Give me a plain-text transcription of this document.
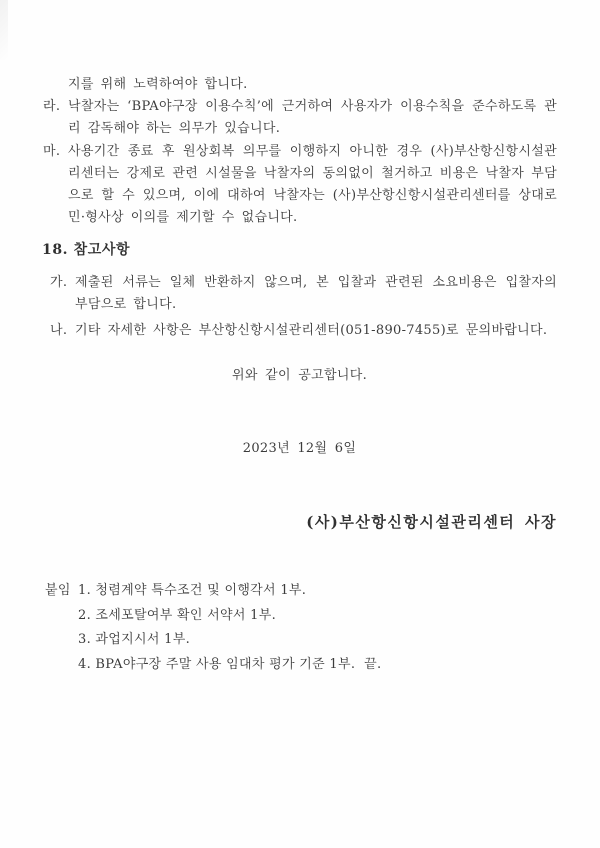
지를 위해 노력하여야 합니다.

라. 낙찰자는 ‘BPA야구장 이용수칙’에 근거하여 사용자가 이용수칙을 준수하도록 관리 감독해야 하는 의무가 있습니다.
마. 사용기간 종료 후 원상회복 의무를 이행하지 아니한 경우 (사)부산항신항시설관리센터는 강제로 관련 시설물을 낙찰자의 동의없이 철거하고 비용은 낙찰자 부담으로 할 수 있으며, 이에 대하여 낙찰자는 (사)부산항신항시설관리센터를 상대로 민·형사상 이의를 제기할 수 없습니다.
18. 참고사항
가. 제출된 서류는 일체 반환하지 않으며, 본 입찰과 관련된 소요비용은 입찰자의 부담으로 합니다.
나. 기타 자세한 사항은 부산항신항시설관리센터(051-890-7455)로 문의바랍니다.

위와 같이 공고합니다.

2023년 12월 6일

(사)부산항신항시설관리센터 사장

붙임 1. 청렴계약 특수조건 및 이행각서 1부.
2. 조세포탈여부 확인 서약서 1부.
3. 과업지시서 1부.
4. BPA야구장 주말 사용 임대차 평가 기준 1부.  끝.
